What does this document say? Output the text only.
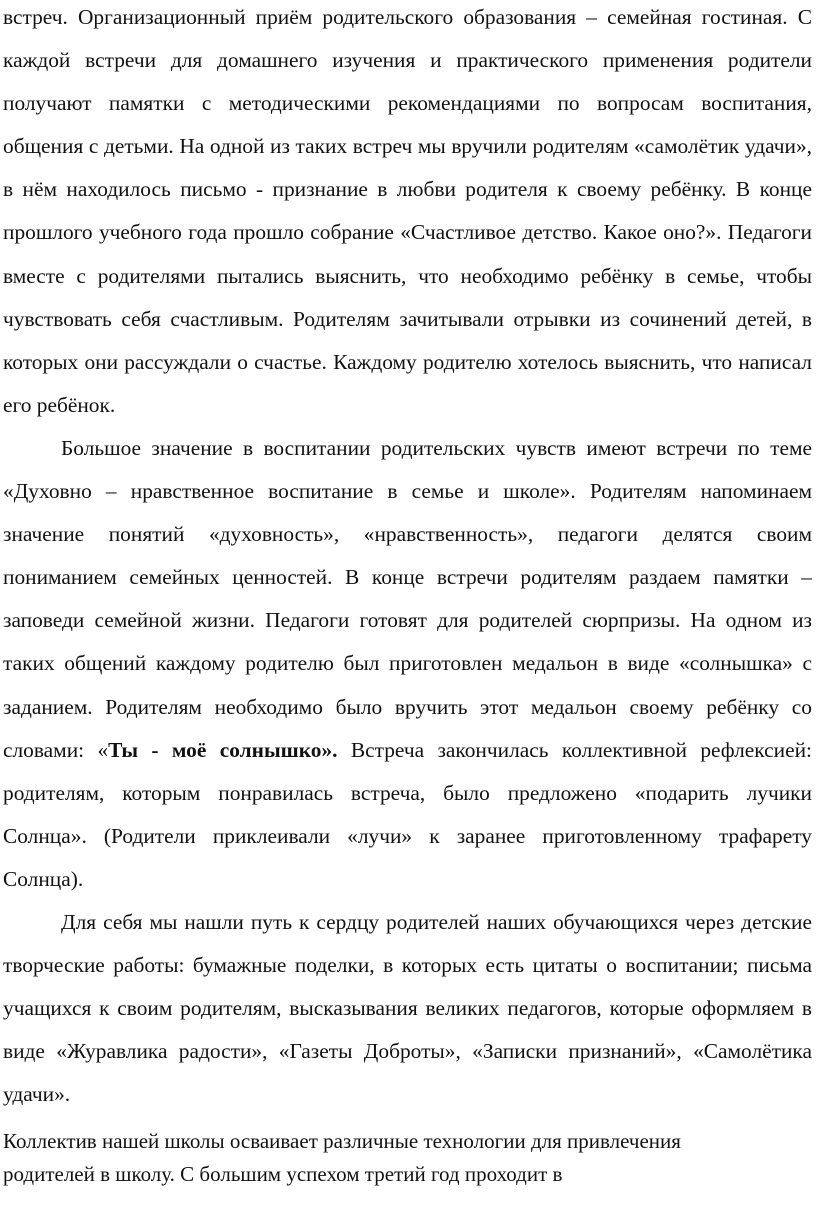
встреч. Организационный приём родительского образования – семейная гостиная. С каждой встречи для домашнего изучения и практического применения родители получают памятки с методическими рекомендациями по вопросам воспитания, общения с детьми. На одной из таких встреч мы вручили родителям «самолётик удачи», в нём находилось письмо - признание в любви родителя к своему ребёнку. В конце прошлого учебного года прошло собрание «Счастливое детство. Какое оно?». Педагоги вместе с родителями пытались выяснить, что необходимо ребёнку в семье, чтобы чувствовать себя счастливым. Родителям зачитывали отрывки из сочинений детей, в которых они рассуждали о счастье. Каждому родителю хотелось выяснить, что написал его ребёнок.

Большое значение в воспитании родительских чувств имеют встречи по теме «Духовно – нравственное воспитание в семье и школе». Родителям напоминаем значение понятий «духовность», «нравственность», педагоги делятся своим пониманием семейных ценностей. В конце встречи родителям раздаем памятки – заповеди семейной жизни. Педагоги готовят для родителей сюрпризы. На одном из таких общений каждому родителю был приготовлен медальон в виде «солнышка» с заданием. Родителям необходимо было вручить этот медальон своему ребёнку со словами: «Ты - моё солнышко». Встреча закончилась коллективной рефлексией: родителям, которым понравилась встреча, было предложено «подарить лучики Солнца». (Родители приклеивали «лучи» к заранее приготовленному трафарету Солнца).

Для себя мы нашли путь к сердцу родителей наших обучающихся через детские творческие работы: бумажные поделки, в которых есть цитаты о воспитании; письма учащихся к своим родителям, высказывания великих педагогов, которые оформляем в виде «Журавлика радости», «Газеты Доброты», «Записки признаний», «Самолётика удачи».

Коллектив нашей школы осваивает различные технологии для привлечения
родителей в школу. С большим успехом третий год проходит в
